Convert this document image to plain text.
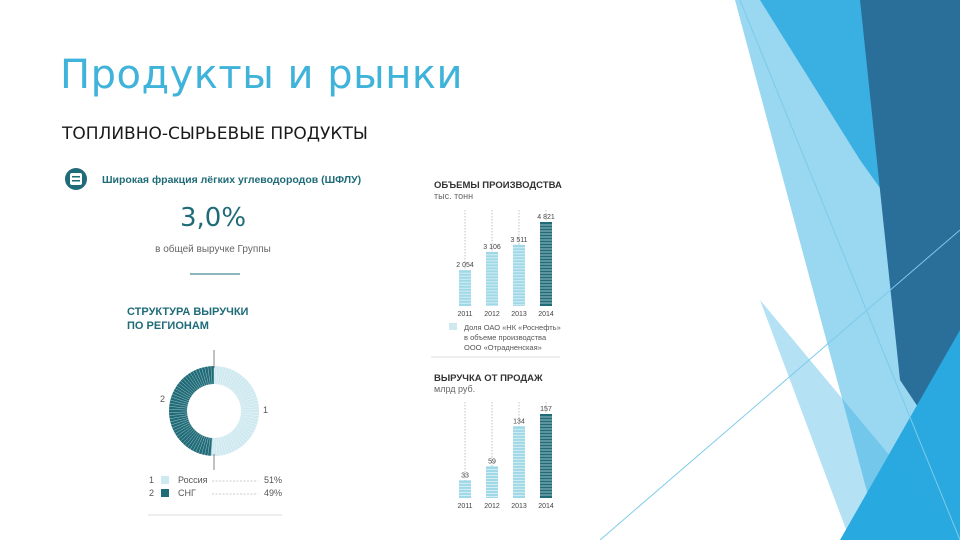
Продукты и рынки
ТОПЛИВНО-СЫРЬЕВЫЕ ПРОДУКТЫ
Широкая фракция лёгких углеводородов (ШФЛУ)
3,0%
в общей выручке Группы
СТРУКТУРА ВЫРУЧКИ
ПО РЕГИОНАМ
2
1
1	Россия	51%
2	СНГ	49%
ОБЪЕМЫ ПРОИЗВОДСТВА
тыс. тонн
2 054
2011
3 106
2012
3 511
2013
4 821
2014
Доля ОАО «НК «Роснефть»
в объеме производства
ООО «Отрадненская»
ВЫРУЧКА ОТ ПРОДАЖ
млрд руб.
33
2011
59
2012
134
2013
157
2014
